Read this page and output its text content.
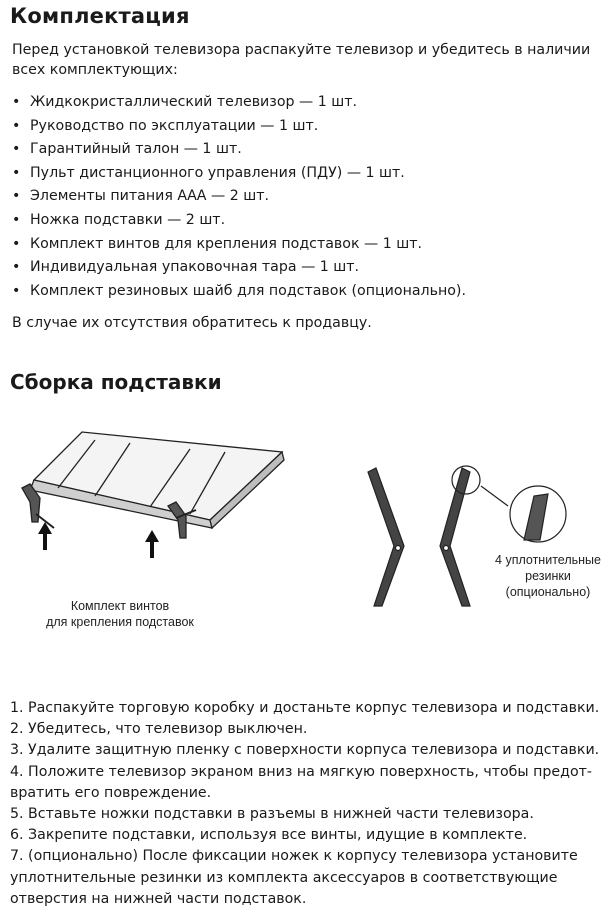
Комплектация
Перед установкой телевизора распакуйте телевизор и убедитесь в наличии всех комплектующих:
• Жидкокристаллический телевизор — 1 шт.
• Руководство по эксплуатации — 1 шт.
• Гарантийный талон — 1 шт.
• Пульт дистанционного управления (ПДУ) — 1 шт.
• Элементы питания ААА — 2 шт.
• Ножка подставки — 2 шт.
• Комплект винтов для крепления подставок — 1 шт.
• Индивидуальная упаковочная тара — 1 шт.
• Комплект резиновых шайб для подставок (опционально).
В случае их отсутствия обратитесь к продавцу.
Сборка подставки
Комплект винтов
для крепления подставок
4 уплотнительные
резинки
(опциональнo)
1. Распакуйте торговую коробку и достаньте корпус телевизора и подставки.
2. Убедитесь, что телевизор выключен.
3. Удалите защитную пленку с поверхности корпуса телевизора и подставки.
4. Положите телевизор экраном вниз на мягкую поверхность, чтобы предот-
вратить его повреждение.
5. Вставьте ножки подставки в разъемы в нижней части телевизора.
6. Закрепите подставки, используя все винты, идущие в комплекте.
7. (опционально) После фиксации ножек к корпусу телевизора установите
уплотнительные резинки из комплекта аксессуаров в соответствующие
отверстия на нижней части подставок.
